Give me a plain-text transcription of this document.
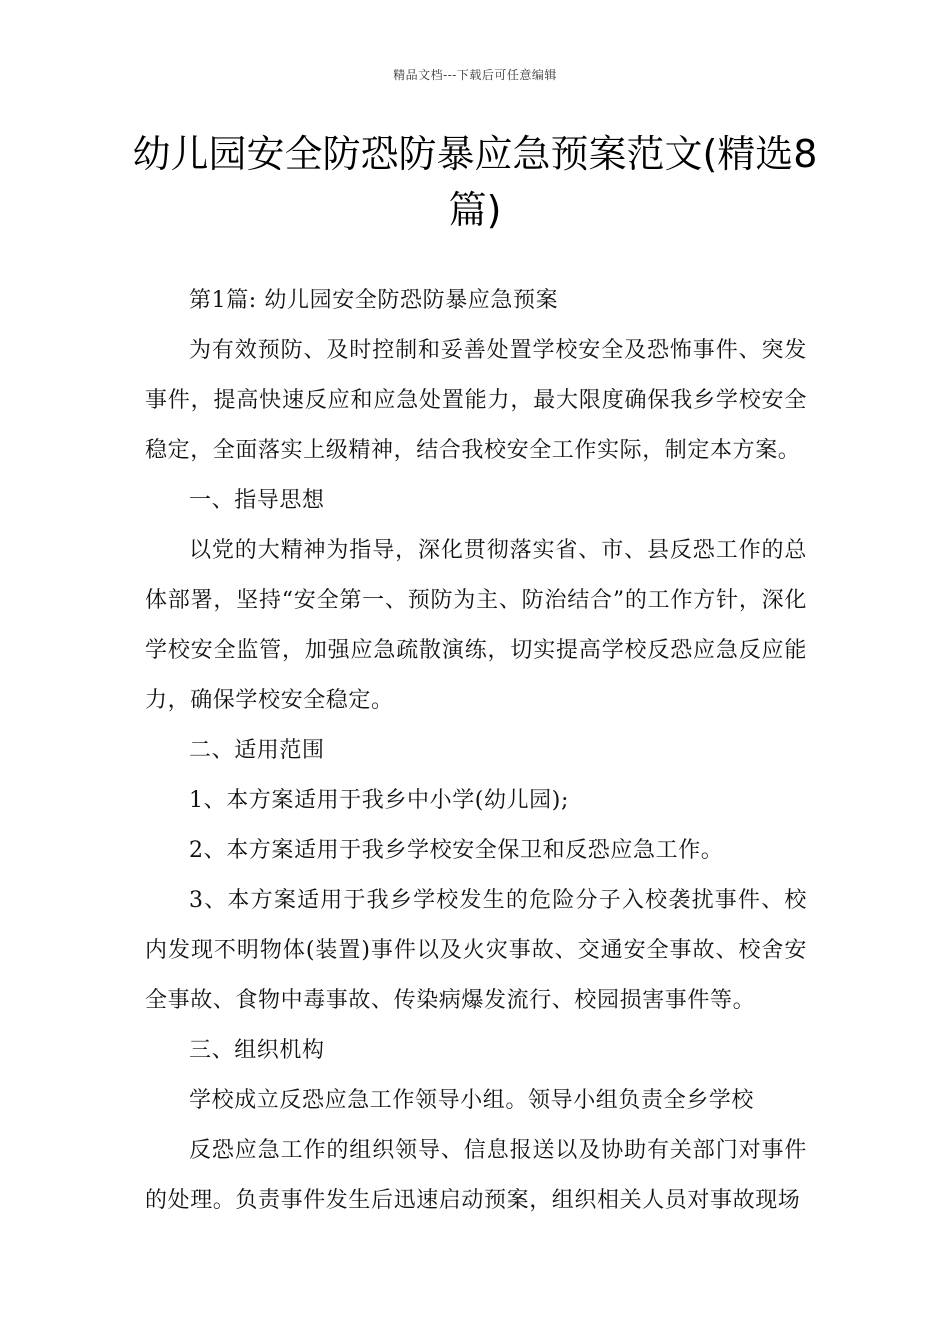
精品文档---下载后可任意编辑
幼儿园安全防恐防暴应急预案范文(精选8篇)

第1篇: 幼儿园安全防恐防暴应急预案

为有效预防、及时控制和妥善处置学校安全及恐怖事件、突发事件，提高快速反应和应急处置能力，最大限度确保我乡学校安全稳定，全面落实上级精神，结合我校安全工作实际，制定本方案。

一、指导思想

以党的大精神为指导，深化贯彻落实省、市、县反恐工作的总体部署，坚持“安全第一、预防为主、防治结合”的工作方针，深化学校安全监管，加强应急疏散演练，切实提高学校反恐应急反应能力，确保学校安全稳定。

二、适用范围

1、本方案适用于我乡中小学(幼儿园);

2、本方案适用于我乡学校安全保卫和反恐应急工作。

3、本方案适用于我乡学校发生的危险分子入校袭扰事件、校内发现不明物体(装置)事件以及火灾事故、交通安全事故、校舍安全事故、食物中毒事故、传染病爆发流行、校园损害事件等。

三、组织机构

学校成立反恐应急工作领导小组。领导小组负责全乡学校

反恐应急工作的组织领导、信息报送以及协助有关部门对事件的处理。负责事件发生后迅速启动预案，组织相关人员对事故现场
